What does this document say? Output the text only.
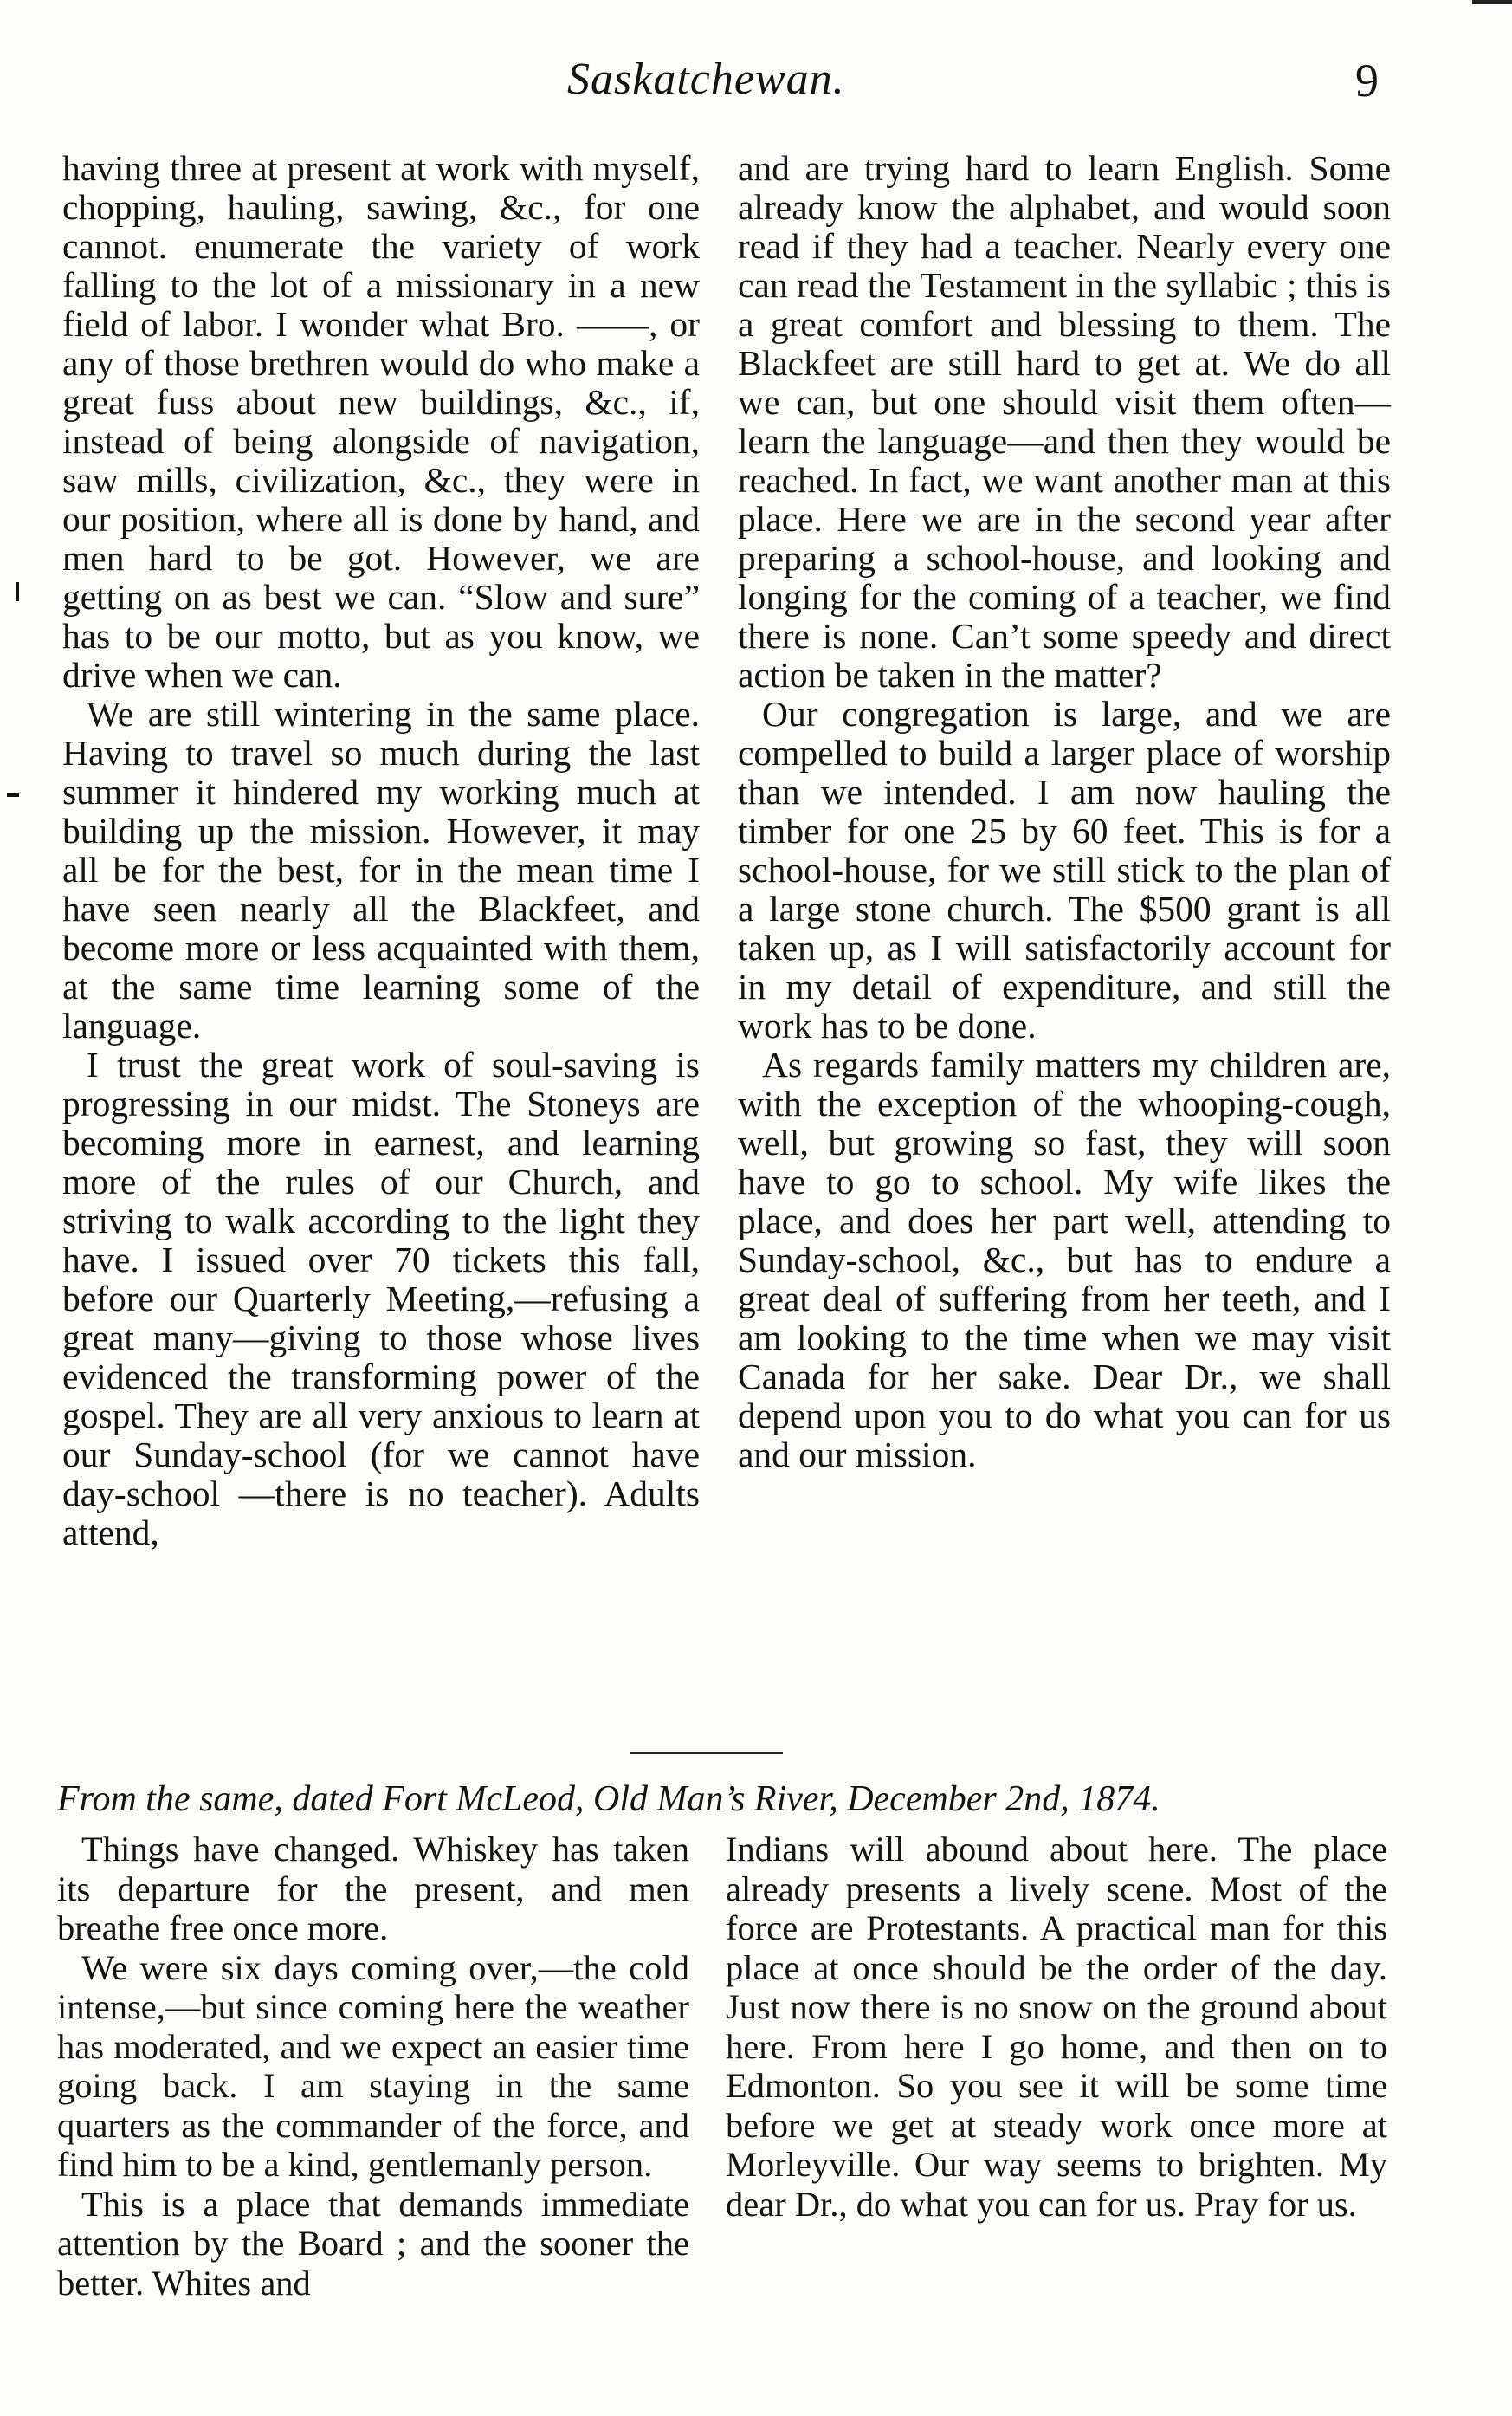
Saskatchewan.	9

having three at present at work with myself, chopping, hauling, sawing, &c., for one cannot. enumerate the variety of work falling to the lot of a missionary in a new field of labor. I wonder what Bro. ——, or any of those brethren would do who make a great fuss about new buildings, &c., if, instead of being alongside of navigation, saw mills, civilization, &c., they were in our position, where all is done by hand, and men hard to be got. However, we are getting on as best we can. “Slow and sure” has to be our motto, but as you know, we drive when we can.

We are still wintering in the same place. Having to travel so much during the last summer it hindered my working much at building up the mission. However, it may all be for the best, for in the mean time I have seen nearly all the Blackfeet, and become more or less acquainted with them, at the same time learning some of the language.

I trust the great work of soul-saving is progressing in our midst. The Stoneys are becoming more in earnest, and learning more of the rules of our Church, and striving to walk according to the light they have. I issued over 70 tickets this fall, before our Quarterly Meeting,—refusing a great many—giving to those whose lives evidenced the transforming power of the gospel. They are all very anxious to learn at our Sunday-school (for we cannot have day-school —there is no teacher). Adults attend,

and are trying hard to learn English. Some already know the alphabet, and would soon read if they had a teacher. Nearly every one can read the Testament in the syllabic ; this is a great comfort and blessing to them. The Blackfeet are still hard to get at. We do all we can, but one should visit them often—learn the language—and then they would be reached. In fact, we want another man at this place. Here we are in the second year after preparing a school-house, and looking and longing for the coming of a teacher, we find there is none. Can’t some speedy and direct action be taken in the matter?

Our congregation is large, and we are compelled to build a larger place of worship than we intended. I am now hauling the timber for one 25 by 60 feet. This is for a school-house, for we still stick to the plan of a large stone church. The $500 grant is all taken up, as I will satisfactorily account for in my detail of expenditure, and still the work has to be done.

As regards family matters my children are, with the exception of the whooping-cough, well, but growing so fast, they will soon have to go to school. My wife likes the place, and does her part well, attending to Sunday-school, &c., but has to endure a great deal of suffering from her teeth, and I am looking to the time when we may visit Canada for her sake. Dear Dr., we shall depend upon you to do what you can for us and our mission.

From the same, dated Fort McLeod, Old Man’s River, December 2nd, 1874.

Things have changed. Whiskey has taken its departure for the present, and men breathe free once more.

We were six days coming over,—the cold intense,—but since coming here the weather has moderated, and we expect an easier time going back. I am staying in the same quarters as the commander of the force, and find him to be a kind, gentlemanly person.

This is a place that demands immediate attention by the Board ; and the sooner the better. Whites and

Indians will abound about here. The place already presents a lively scene. Most of the force are Protestants. A practical man for this place at once should be the order of the day. Just now there is no snow on the ground about here. From here I go home, and then on to Edmonton. So you see it will be some time before we get at steady work once more at Morleyville. Our way seems to brighten. My dear Dr., do what you can for us. Pray for us.
